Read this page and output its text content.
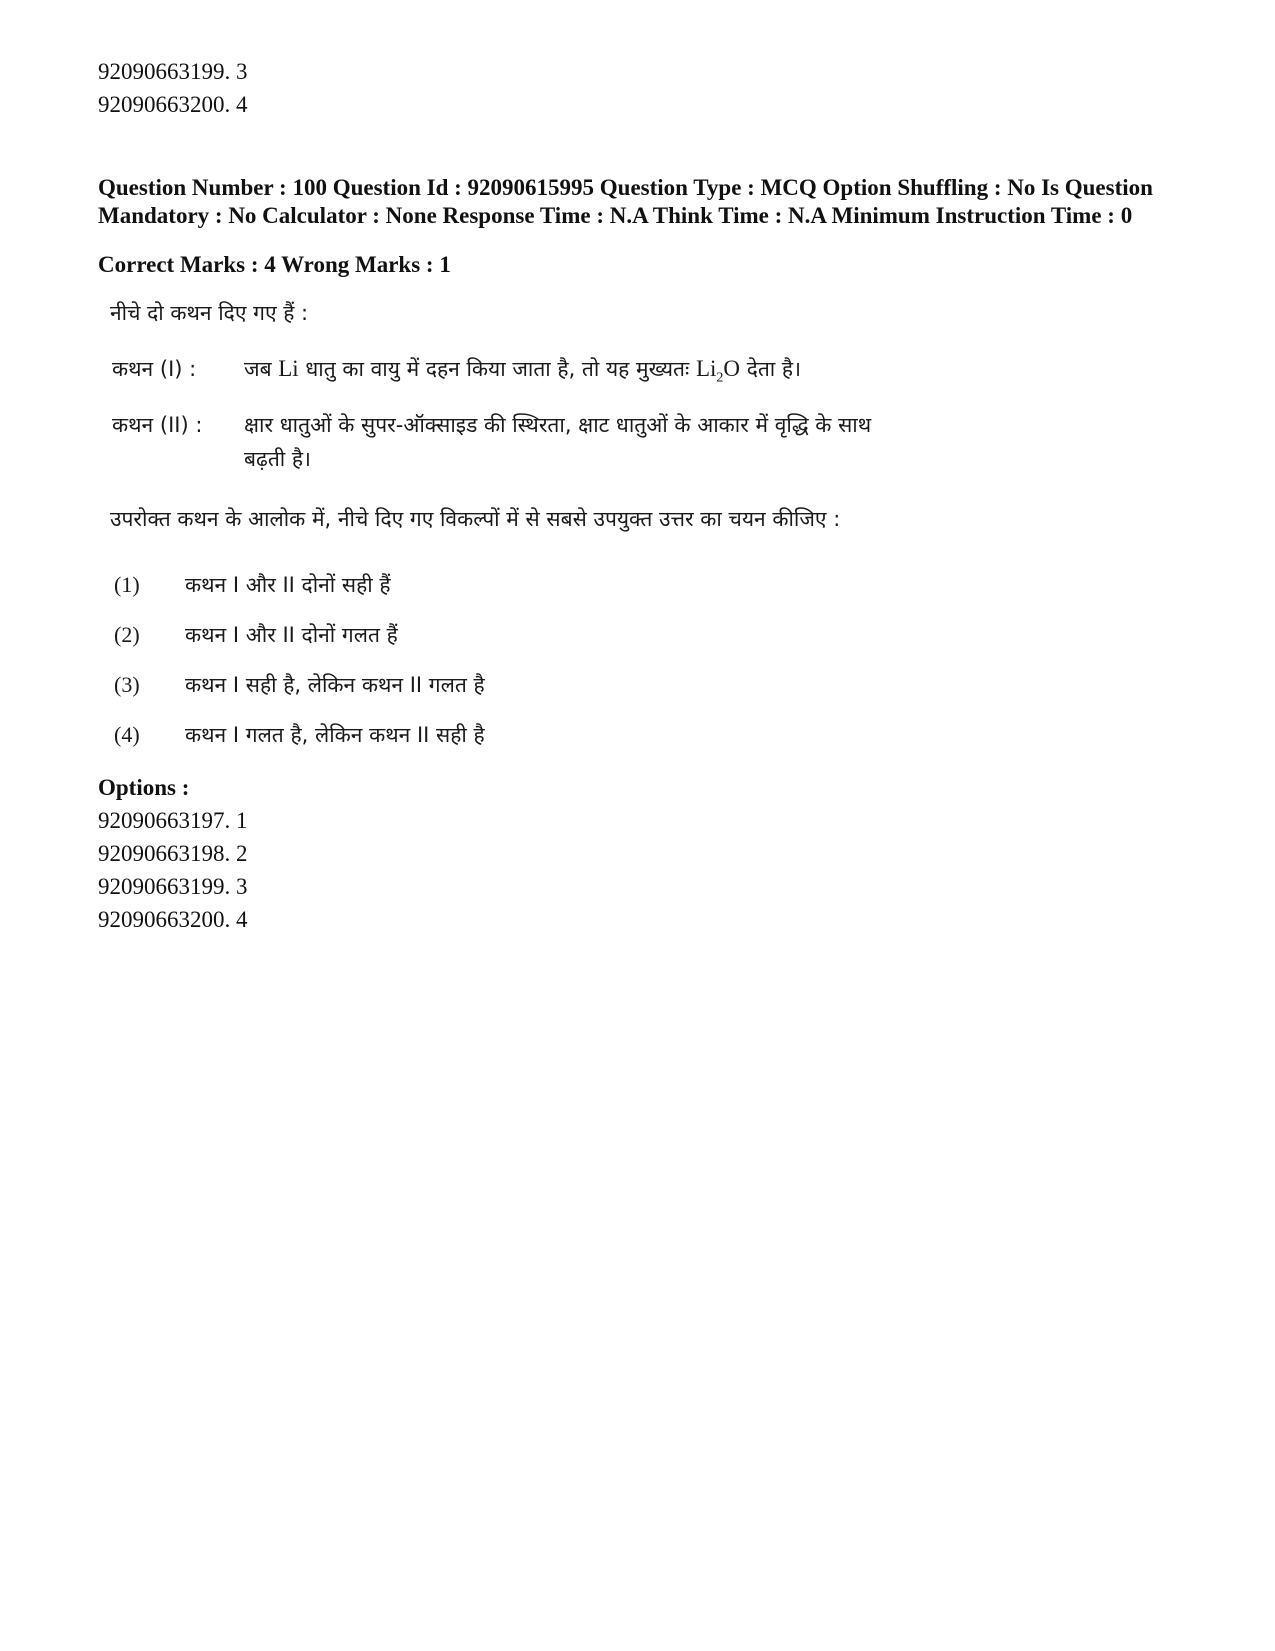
92090663199. 3
92090663200. 4
Question Number : 100 Question Id : 92090615995 Question Type : MCQ Option Shuffling : No Is Question Mandatory : No Calculator : None Response Time : N.A Think Time : N.A Minimum Instruction Time : 0
Correct Marks : 4 Wrong Marks : 1
नीचे दो कथन दिए गए हैं :
कथन (I) : जब Li धातु का वायु में दहन किया जाता है, तो यह मुख्यतः $Li_2O$ देता है।
कथन (II) : क्षार धातुओं के सुपर-ऑक्साइड की स्थिरता, क्षाट धातुओं के आकार में वृद्धि के साथ
बढ़ती है।
उपरोक्त कथन के आलोक में, नीचे दिए गए विकल्पों में से सबसे उपयुक्त उत्तर का चयन कीजिए :
(1) कथन I और II दोनों सही हैं
(2) कथन I और II दोनों गलत हैं
(3) कथन I सही है, लेकिन कथन II गलत है
(4) कथन I गलत है, लेकिन कथन II सही है
Options :
92090663197. 1
92090663198. 2
92090663199. 3
92090663200. 4
